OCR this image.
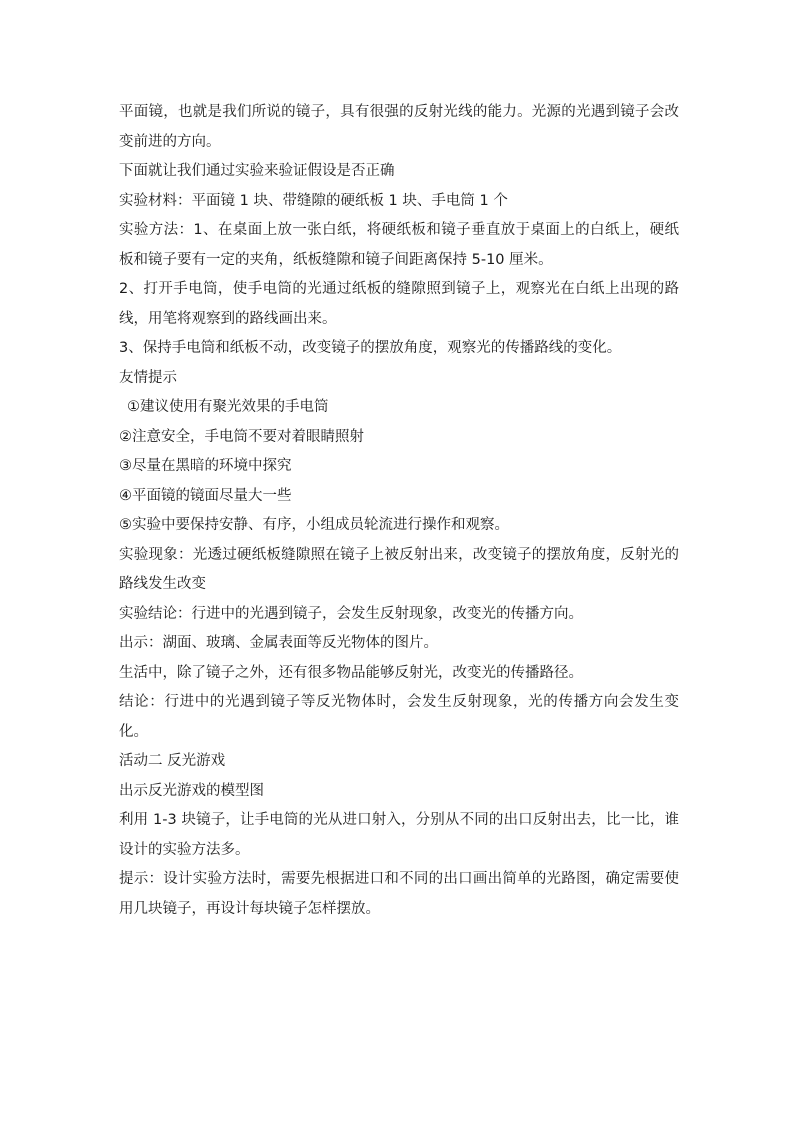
平面镜，也就是我们所说的镜子，具有很强的反射光线的能力。光源的光遇到镜子会改变前进的方向。

下面就让我们通过实验来验证假设是否正确

实验材料：平面镜 1 块、带缝隙的硬纸板 1 块、手电筒 1 个

实验方法：1、在桌面上放一张白纸，将硬纸板和镜子垂直放于桌面上的白纸上，硬纸板和镜子要有一定的夹角，纸板缝隙和镜子间距离保持 5-10 厘米。

2、打开手电筒，使手电筒的光通过纸板的缝隙照到镜子上，观察光在白纸上出现的路线，用笔将观察到的路线画出来。

3、保持手电筒和纸板不动，改变镜子的摆放角度，观察光的传播路线的变化。

友情提示

①建议使用有聚光效果的手电筒

②注意安全，手电筒不要对着眼睛照射

③尽量在黑暗的环境中探究

④平面镜的镜面尽量大一些

⑤实验中要保持安静、有序，小组成员轮流进行操作和观察。

实验现象：光透过硬纸板缝隙照在镜子上被反射出来，改变镜子的摆放角度，反射光的路线发生改变

实验结论：行进中的光遇到镜子，会发生反射现象，改变光的传播方向。

出示：湖面、玻璃、金属表面等反光物体的图片。

生活中，除了镜子之外，还有很多物品能够反射光，改变光的传播路径。

结论：行进中的光遇到镜子等反光物体时，会发生反射现象，光的传播方向会发生变化。

活动二 反光游戏

出示反光游戏的模型图

利用 1-3 块镜子，让手电筒的光从进口射入，分别从不同的出口反射出去，比一比，谁设计的实验方法多。

提示：设计实验方法时，需要先根据进口和不同的出口画出简单的光路图，确定需要使用几块镜子，再设计每块镜子怎样摆放。
